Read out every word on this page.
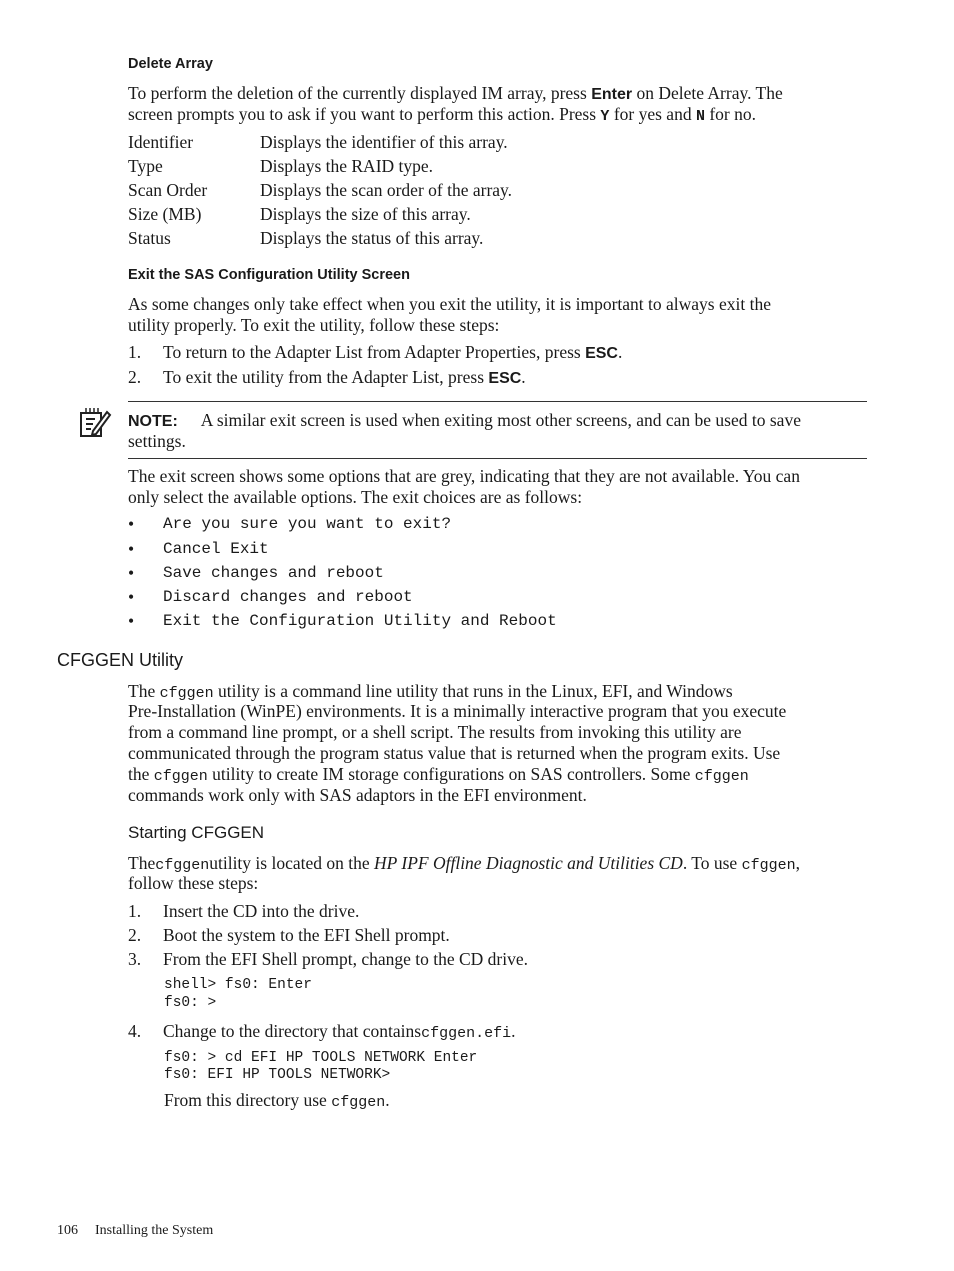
Delete Array
To perform the deletion of the currently displayed IM array, press Enter on Delete Array. The
screen prompts you to ask if you want to perform this action. Press Y for yes and N for no.
Identifier	Displays the identifier of this array.
Type	Displays the RAID type.
Scan Order	Displays the scan order of the array.
Size (MB)	Displays the size of this array.
Status	Displays the status of this array.
Exit the SAS Configuration Utility Screen
As some changes only take effect when you exit the utility, it is important to always exit the
utility properly. To exit the utility, follow these steps:
1. To return to the Adapter List from Adapter Properties, press ESC.
2. To exit the utility from the Adapter List, press ESC.
NOTE: A similar exit screen is used when exiting most other screens, and can be used to save
settings.
The exit screen shows some options that are grey, indicating that they are not available. You can
only select the available options. The exit choices are as follows:
• Are you sure you want to exit?
• Cancel Exit
• Save changes and reboot
• Discard changes and reboot
• Exit the Configuration Utility and Reboot
CFGGEN Utility
The cfggen utility is a command line utility that runs in the Linux, EFI, and Windows
Pre-Installation (WinPE) environments. It is a minimally interactive program that you execute
from a command line prompt, or a shell script. The results from invoking this utility are
communicated through the program status value that is returned when the program exits. Use
the cfggen utility to create IM storage configurations on SAS controllers. Some cfggen
commands work only with SAS adaptors in the EFI environment.
Starting CFGGEN
Thecfggenutility is located on the HP IPF Offline Diagnostic and Utilities CD. To use cfggen,
follow these steps:
1. Insert the CD into the drive.
2. Boot the system to the EFI Shell prompt.
3. From the EFI Shell prompt, change to the CD drive.
shell> fs0: Enter
fs0: >
4. Change to the directory that containscfggen.efi.
fs0: > cd EFI HP TOOLS NETWORK Enter
fs0: EFI HP TOOLS NETWORK>
From this directory use cfggen.
106 Installing the System
